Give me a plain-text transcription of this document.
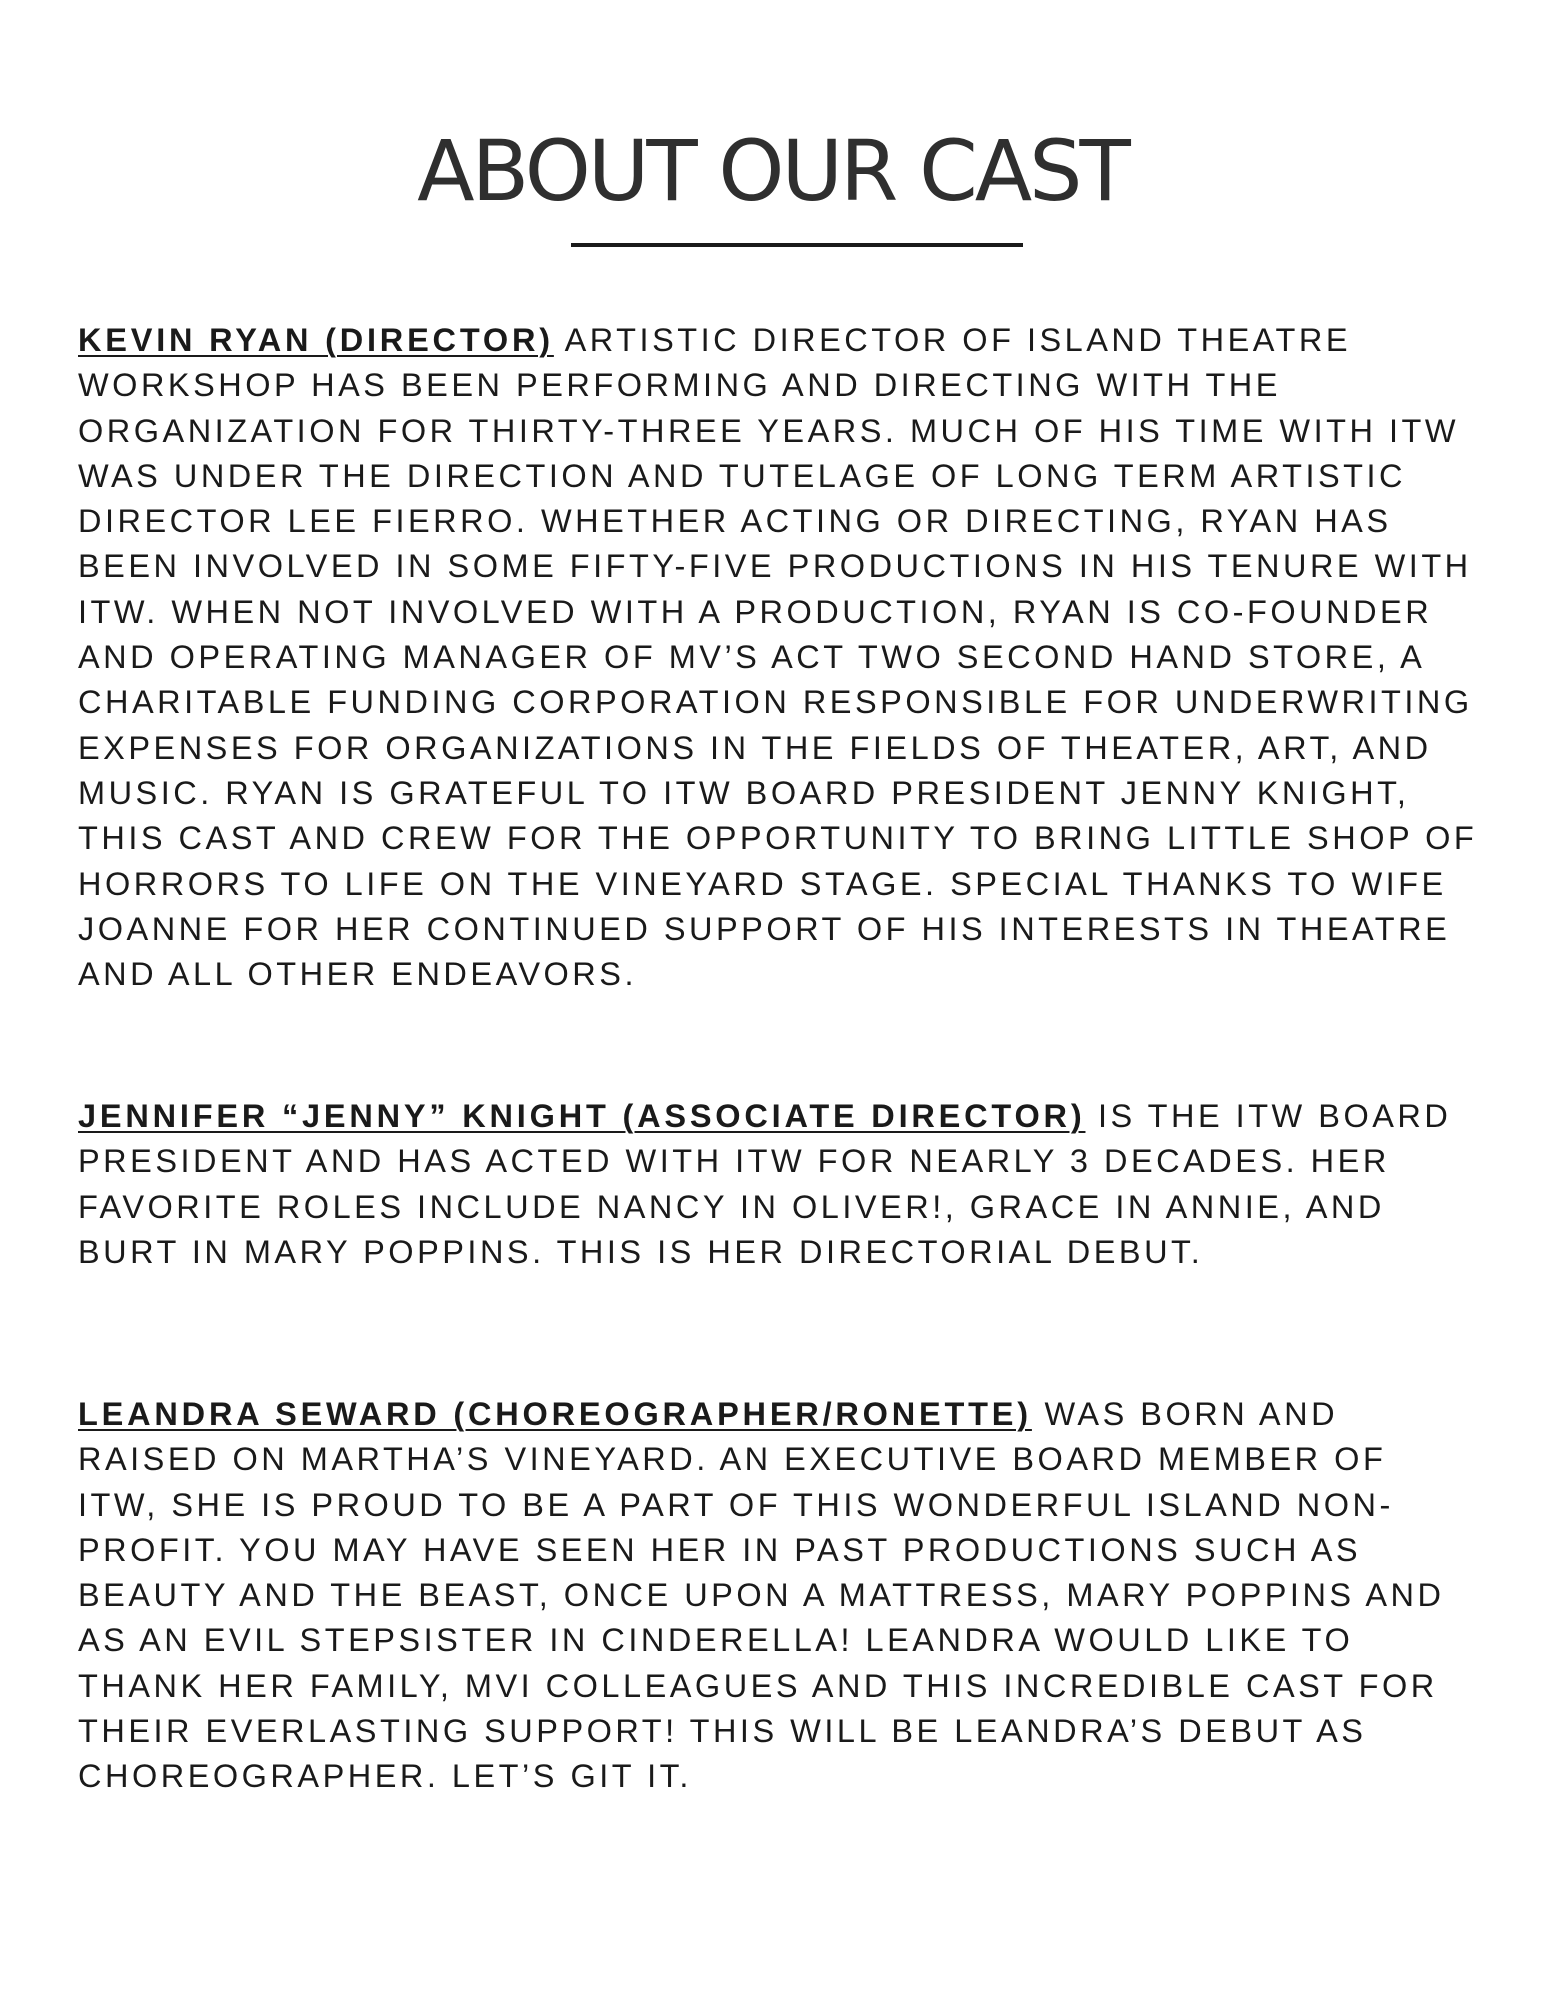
ABOUT OUR CAST

KEVIN RYAN (DIRECTOR) ARTISTIC DIRECTOR OF ISLAND THEATRE WORKSHOP HAS BEEN PERFORMING AND DIRECTING WITH THE ORGANIZATION FOR THIRTY-THREE YEARS. MUCH OF HIS TIME WITH ITW WAS UNDER THE DIRECTION AND TUTELAGE OF LONG TERM ARTISTIC DIRECTOR LEE FIERRO. WHETHER ACTING OR DIRECTING, RYAN HAS BEEN INVOLVED IN SOME FIFTY-FIVE PRODUCTIONS IN HIS TENURE WITH ITW. WHEN NOT INVOLVED WITH A PRODUCTION, RYAN IS CO-FOUNDER AND OPERATING MANAGER OF MV’S ACT TWO SECOND HAND STORE, A CHARITABLE FUNDING CORPORATION RESPONSIBLE FOR UNDERWRITING EXPENSES FOR ORGANIZATIONS IN THE FIELDS OF THEATER, ART, AND MUSIC. RYAN IS GRATEFUL TO ITW BOARD PRESIDENT JENNY KNIGHT, THIS CAST AND CREW FOR THE OPPORTUNITY TO BRING LITTLE SHOP OF HORRORS TO LIFE ON THE VINEYARD STAGE. SPECIAL THANKS TO WIFE JOANNE FOR HER CONTINUED SUPPORT OF HIS INTERESTS IN THEATRE AND ALL OTHER ENDEAVORS.

JENNIFER “JENNY” KNIGHT (ASSOCIATE DIRECTOR) IS THE ITW BOARD PRESIDENT AND HAS ACTED WITH ITW FOR NEARLY 3 DECADES. HER FAVORITE ROLES INCLUDE NANCY IN OLIVER!, GRACE IN ANNIE, AND BURT IN MARY POPPINS. THIS IS HER DIRECTORIAL DEBUT.

LEANDRA SEWARD (CHOREOGRAPHER/RONETTE) WAS BORN AND RAISED ON MARTHA’S VINEYARD. AN EXECUTIVE BOARD MEMBER OF ITW, SHE IS PROUD TO BE A PART OF THIS WONDERFUL ISLAND NON-PROFIT. YOU MAY HAVE SEEN HER IN PAST PRODUCTIONS SUCH AS BEAUTY AND THE BEAST, ONCE UPON A MATTRESS, MARY POPPINS AND AS AN EVIL STEPSISTER IN CINDERELLA! LEANDRA WOULD LIKE TO THANK HER FAMILY, MVI COLLEAGUES AND THIS INCREDIBLE CAST FOR THEIR EVERLASTING SUPPORT! THIS WILL BE LEANDRA’S DEBUT AS CHOREOGRAPHER. LET’S GIT IT.
